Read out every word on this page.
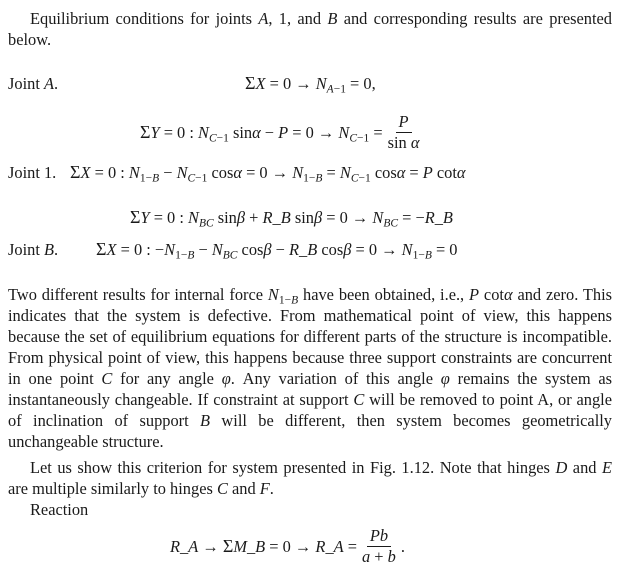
Equilibrium conditions for joints A, 1, and B and corresponding results are presented below.
Joint A.	$\Sigma X = 0 \to N_{A-1} = 0$,
ΣY = 0 : $N_{C-1}$ $\sin\alpha - P = 0 \to N_{C-1} = \frac{P}{\text{sin α}}$
Joint 1. ΣX = 0 : $N_{1-B} - N_{C-1}$ $\cos\alpha = 0 \to N_{1-B} = N_{C-1}$ cosα = P cotα
ΣY = 0 : $N_{BC}$ sinβ + R_B $\sin\beta = 0 \to N_{BC}$ = −R_B
Joint B. ΣX = 0 : $-N_{1-B} - N_{BC}$ cosβ − R_B $\cos\beta = 0 \to N_{1-B} = 0$
Two different results for internal force $N_{1-B}$ have been obtained, i.e., P cotα and zero. This indicates that the system is defective. From mathematical point of view, this happens because the set of equilibrium equations for different parts of the structure is incompatible. From physical point of view, this happens because three support constraints are concurrent in one point C for any angle φ. Any variation of this angle φ remains the system as instantaneously changeable. If constraint at support C will be removed to point A, or angle of inclination of support B will be different, then system becomes geometrically unchangeable structure.
Let us show this criterion for system presented in Fig. 1.12. Note that hinges D and E are multiple similarly to hinges C and F.
Reaction
R_A → ΣM_B = 0 → R_A = $\frac{Pb}{a + b}$ .
